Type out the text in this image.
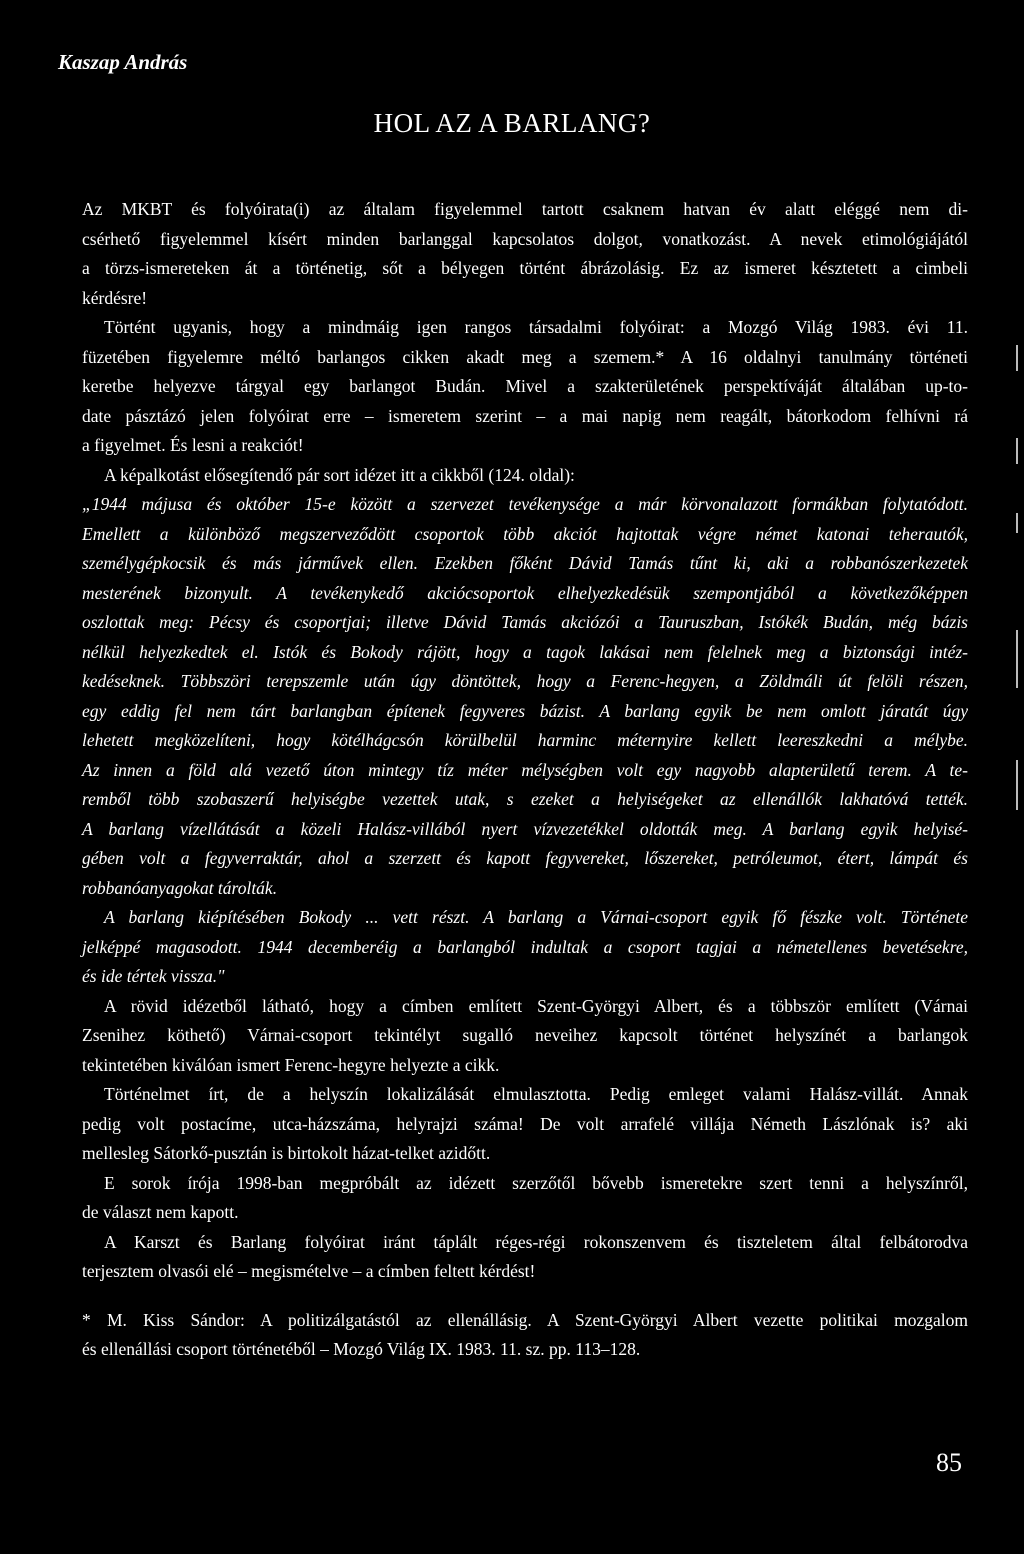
Kaszap András
HOL AZ A BARLANG?
Az MKBT és folyóirata(i) az általam figyelemmel tartott csaknem hatvan év alatt eléggé nem di-
csérhető figyelemmel kísért minden barlanggal kapcsolatos dolgot, vonatkozást. A nevek etimológiájától
a törzs-ismereteken át a történetig, sőt a bélyegen történt ábrázolásig. Ez az ismeret késztetett a cimbeli
kérdésre!
Történt ugyanis, hogy a mindmáig igen rangos társadalmi folyóirat: a Mozgó Világ 1983. évi 11.
füzetében figyelemre méltó barlangos cikken akadt meg a szemem.* A 16 oldalnyi tanulmány történeti
keretbe helyezve tárgyal egy barlangot Budán. Mivel a szakterületének perspektíváját általában up-to-
date pásztázó jelen folyóirat erre – ismeretem szerint – a mai napig nem reagált, bátorkodom felhívni rá
a figyelmet. És lesni a reakciót!
A képalkotást elősegítendő pár sort idézet itt a cikkből (124. oldal):
„1944 májusa és október 15-e között a szervezet tevékenysége a már körvonalazott formákban folytatódott.
Emellett a különböző megszerveződött csoportok több akciót hajtottak végre német katonai teherautók,
személygépkocsik és más járművek ellen. Ezekben főként Dávid Tamás tűnt ki, aki a robbanószerkezetek
mesterének bizonyult. A tevékenykedő akciócsoportok elhelyezkedésük szempontjából a következőképpen
oszlottak meg: Pécsy és csoportjai; illetve Dávid Tamás akciózói a Tauruszban, Istókék Budán, még bázis
nélkül helyezkedtek el. Istók és Bokody rájött, hogy a tagok lakásai nem felelnek meg a biztonsági intéz-
kedéseknek. Többszöri terepszemle után úgy döntöttek, hogy a Ferenc-hegyen, a Zöldmáli út felöli részen,
egy eddig fel nem tárt barlangban építenek fegyveres bázist. A barlang egyik be nem omlott járatát úgy
lehetett megközelíteni, hogy kötélhágcsón körülbelül harminc méternyire kellett leereszkedni a mélybe.
Az innen a föld alá vezető úton mintegy tíz méter mélységben volt egy nagyobb alapterületű terem. A te-
remből több szobaszerű helyiségbe vezettek utak, s ezeket a helyiségeket az ellenállók lakhatóvá tették.
A barlang vízellátását a közeli Halász-villából nyert vízvezetékkel oldották meg. A barlang egyik helyisé-
gében volt a fegyverraktár, ahol a szerzett és kapott fegyvereket, lőszereket, petróleumot, étert, lámpát és
robbanóanyagokat tárolták.
A barlang kiépítésében Bokody ... vett részt. A barlang a Várnai-csoport egyik fő fészke volt. Története
jelképpé magasodott. 1944 decemberéig a barlangból indultak a csoport tagjai a németellenes bevetésekre,
és ide tértek vissza."
A rövid idézetből látható, hogy a címben említett Szent-Györgyi Albert, és a többször említett (Várnai
Zsenihez köthető) Várnai-csoport tekintélyt sugalló neveihez kapcsolt történet helyszínét a barlangok
tekintetében kiválóan ismert Ferenc-hegyre helyezte a cikk.
Történelmet írt, de a helyszín lokalizálását elmulasztotta. Pedig emleget valami Halász-villát. Annak
pedig volt postacíme, utca-házszáma, helyrajzi száma! De volt arrafelé villája Németh Lászlónak is? aki
mellesleg Sátorkő-pusztán is birtokolt házat-telket azidőtt.
E sorok írója 1998-ban megpróbált az idézett szerzőtől bővebb ismeretekre szert tenni a helyszínről,
de választ nem kapott.
A Karszt és Barlang folyóirat iránt táplált réges-régi rokonszenvem és tiszteletem által felbátorodva
terjesztem olvasói elé – megismételve – a címben feltett kérdést!
* M. Kiss Sándor: A politizálgatástól az ellenállásig. A Szent-Györgyi Albert vezette politikai mozgalom
és ellenállási csoport történetéből – Mozgó Világ IX. 1983. 11. sz. pp. 113–128.
85
